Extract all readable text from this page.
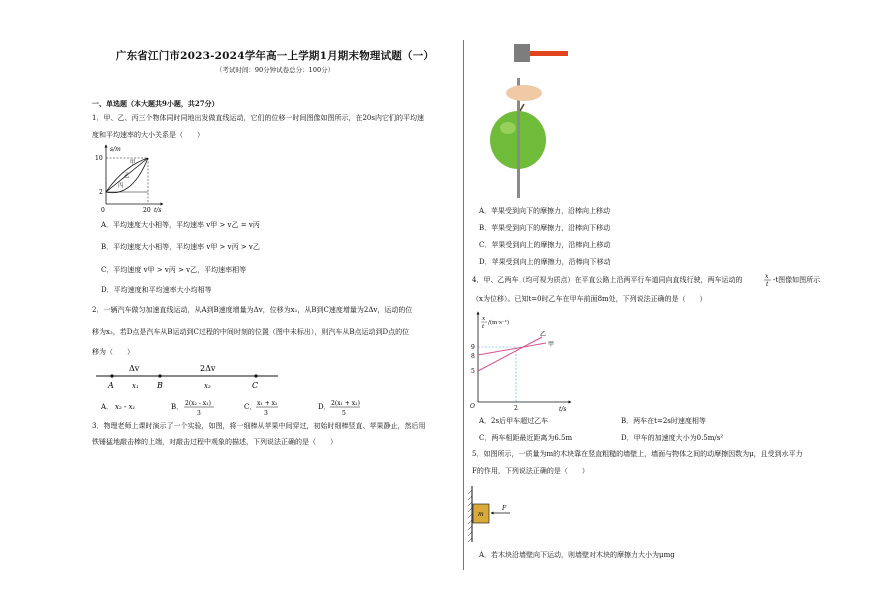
广东省江门市2023-2024学年高一上学期1月期末物理试题（一）
（考试时间：90分钟试卷总分：100分）
一、单选题（本大题共9小题，共27分）
1．甲、乙、丙三个物体同时同地出发做直线运动，它们的位移一时间图像如图所示，在20s内它们的平均速
度和平均速率的大小关系是（　　）
s/m
t/s
10
2
20
0
甲
乙
丙
A．平均速度大小相等，平均速率 v甲 > v乙 = v丙
B．平均速度大小相等，平均速率 v甲 > v丙 > v乙
C．平均速度 v甲 > v丙 > v乙，平均速率相等
D．平均速度和平均速率大小均相等
2．一辆汽车做匀加速直线运动，从A到B速度增量为Δv，位移为x₁，从B到C速度增量为2Δv，运动的位
移为x₂，若D点是汽车从B运动到C过程的中间时刻的位置（图中未标出），则汽车从B点运动到D点的位
移为（　　）
Δv	2Δv
A	B	C
x₁	x₂
A． x₂ - x₁	B． 2(x₂ - x₁)
3
C． x₁ + x₂
3
D． 2(x₁ + x₂)
5
3．物理老师上课时演示了一个实验，如图，将一细棒从苹果中间穿过，初始时细棒竖直、苹果静止，然后用
铁锤猛地敲击棒的上端，对敲击过程中观象的描述，下列说法正确的是（　　）
A．苹果受到向下的摩擦力，沿棒向上移动
B．苹果受到向下的摩擦力，沿棒向下移动
C．苹果受到向上的摩擦力，沿棒向上移动
D．苹果受到向上的摩擦力，沿棒向下移动
4．甲、乙两车（均可视为质点）在平直公路上沿两平行车道同向直线行驶，两车运动的	x
t
-t图像如图所示
（x为位移）。已知t=0时乙车在甲车前面8m处，下列说法正确的是（　　）
x
t
/(m·s⁻¹)
t/s
9
8
5
2
O
甲
乙
A．2s后甲车超过乙车	B．两车在t=2s时速度相等
C．两车相距最近距离为6.5m	D．甲车的加速度大小为0.5m/s²
5．如图所示，一质量为m的木块靠在竖直粗糙的墙壁上，墙面与物体之间的动摩擦因数为μ，且受到水平力
F的作用，下列说法正确的是（　　）
m
F
A．若木块沿墙壁向下运动，则墙壁对木块的摩擦力大小为μmg
